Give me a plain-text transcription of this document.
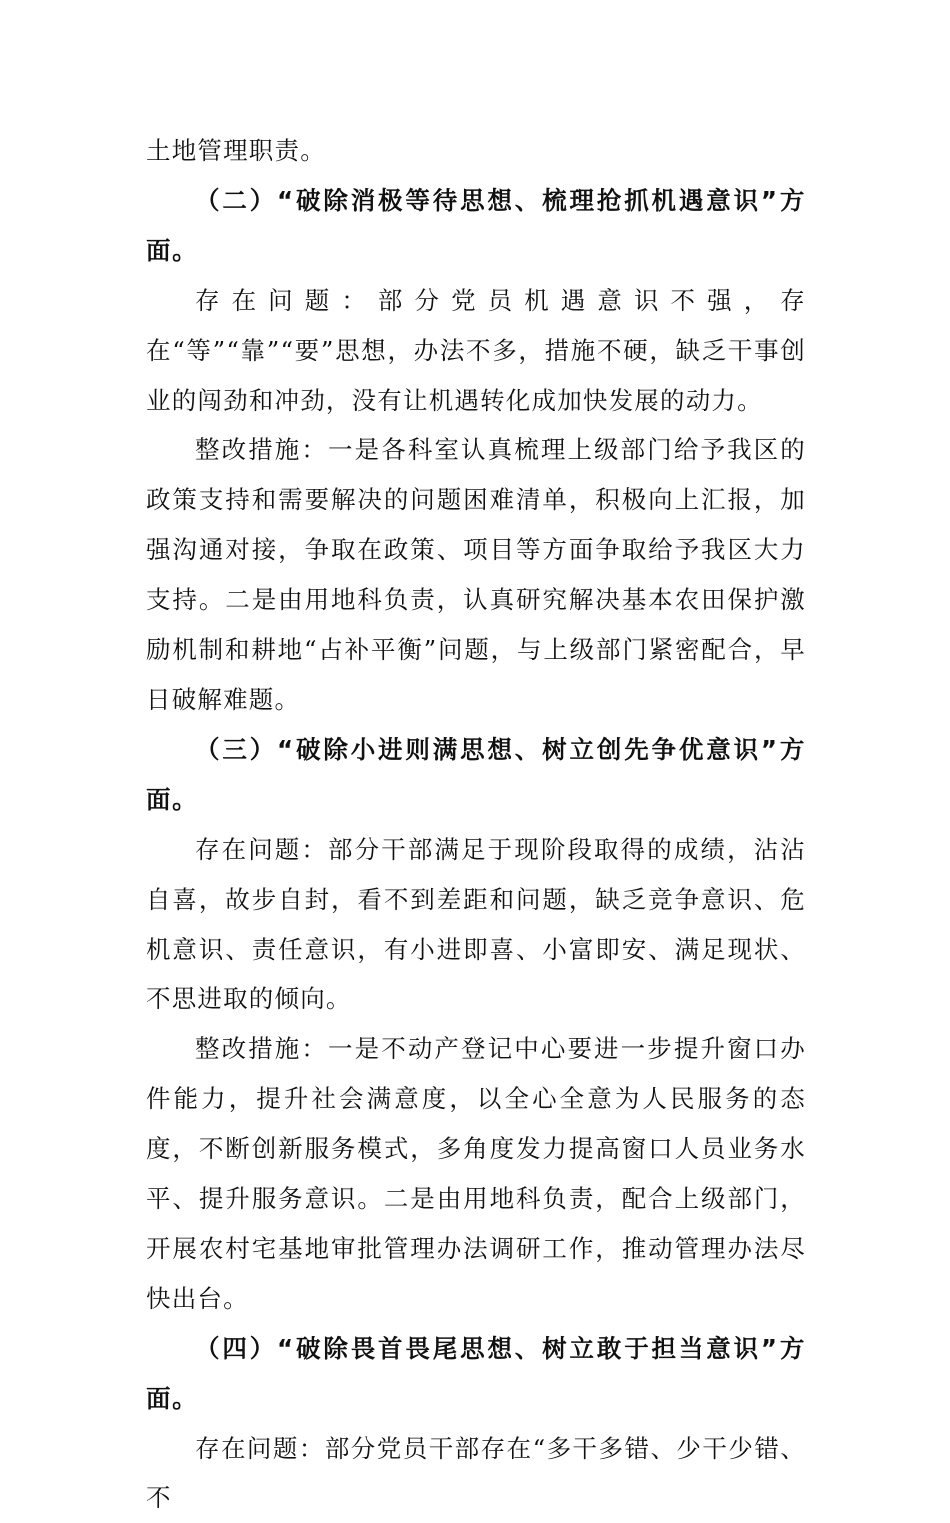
土地管理职责。

（二）“破除消极等待思想、梳理抢抓机遇意识”方面。

存在问题：部分党员机遇意识不强，存在“等”“靠”“要”思想，办法不多，措施不硬，缺乏干事创业的闯劲和冲劲，没有让机遇转化成加快发展的动力。

整改措施：一是各科室认真梳理上级部门给予我区的政策支持和需要解决的问题困难清单，积极向上汇报，加强沟通对接，争取在政策、项目等方面争取给予我区大力支持。二是由用地科负责，认真研究解决基本农田保护激励机制和耕地“占补平衡”问题，与上级部门紧密配合，早日破解难题。

（三）“破除小进则满思想、树立创先争优意识”方面。

存在问题：部分干部满足于现阶段取得的成绩，沾沾自喜，故步自封，看不到差距和问题，缺乏竞争意识、危机意识、责任意识，有小进即喜、小富即安、满足现状、不思进取的倾向。

整改措施：一是不动产登记中心要进一步提升窗口办件能力，提升社会满意度，以全心全意为人民服务的态度，不断创新服务模式，多角度发力提高窗口人员业务水平、提升服务意识。二是由用地科负责，配合上级部门，开展农村宅基地审批管理办法调研工作，推动管理办法尽快出台。

（四）“破除畏首畏尾思想、树立敢于担当意识”方面。

存在问题：部分党员干部存在“多干多错、少干少错、不
